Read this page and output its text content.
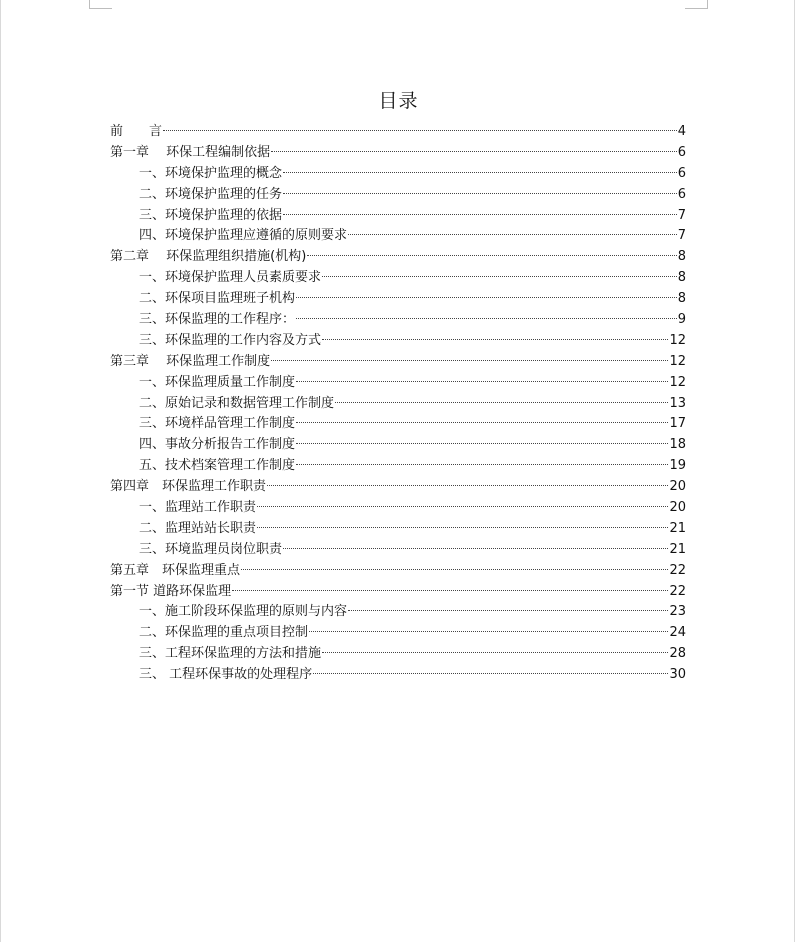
目录
前　　言	4
第一章　 环保工程编制依据	6
一、环境保护监理的概念	6
二、环境保护监理的任务	6
三、环境保护监理的依据	7
四、环境保护监理应遵循的原则要求	7
第二章　 环保监理组织措施(机构)	8
一、环境保护监理人员素质要求	8
二、环保项目监理班子机构	8
三、环保监理的工作程序：	9
三、环保监理的工作内容及方式	12
第三章　 环保监理工作制度	12
一、环保监理质量工作制度	12
二、原始记录和数据管理工作制度	13
三、环境样品管理工作制度	17
四、事故分析报告工作制度	18
五、技术档案管理工作制度	19
第四章　环保监理工作职责	20
一、监理站工作职责	20
二、监理站站长职责	21
三、环境监理员岗位职责	21
第五章　环保监理重点	22
第一节 道路环保监理	22
一、施工阶段环保监理的原则与内容	23
二、环保监理的重点项目控制	24
三、工程环保监理的方法和措施	28
三、 工程环保事故的处理程序	30
